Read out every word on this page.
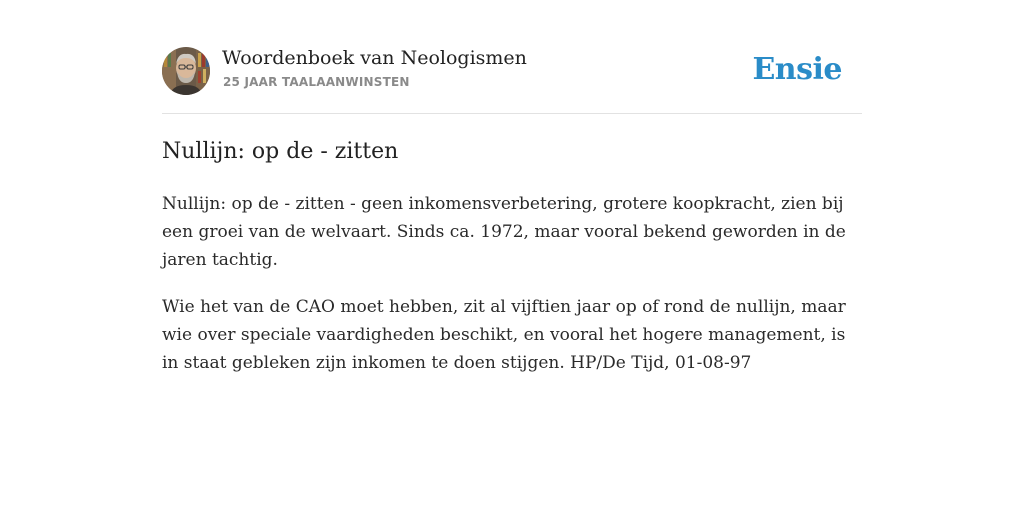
Woordenboek van Neologismen
25 JAAR TAALAANWINSTEN	Ensie
Nullijn: op de - zitten

Nullijn: op de - zitten - geen inkomensverbetering, grotere koopkracht, zien bij een groei van de welvaart. Sinds ca. 1972, maar vooral bekend geworden in de jaren tachtig.

Wie het van de CAO moet hebben, zit al vijftien jaar op of rond de nullijn, maar wie over speciale vaardigheden beschikt, en vooral het hogere management, is in staat gebleken zijn inkomen te doen stijgen. HP/De Tijd, 01-08-97
